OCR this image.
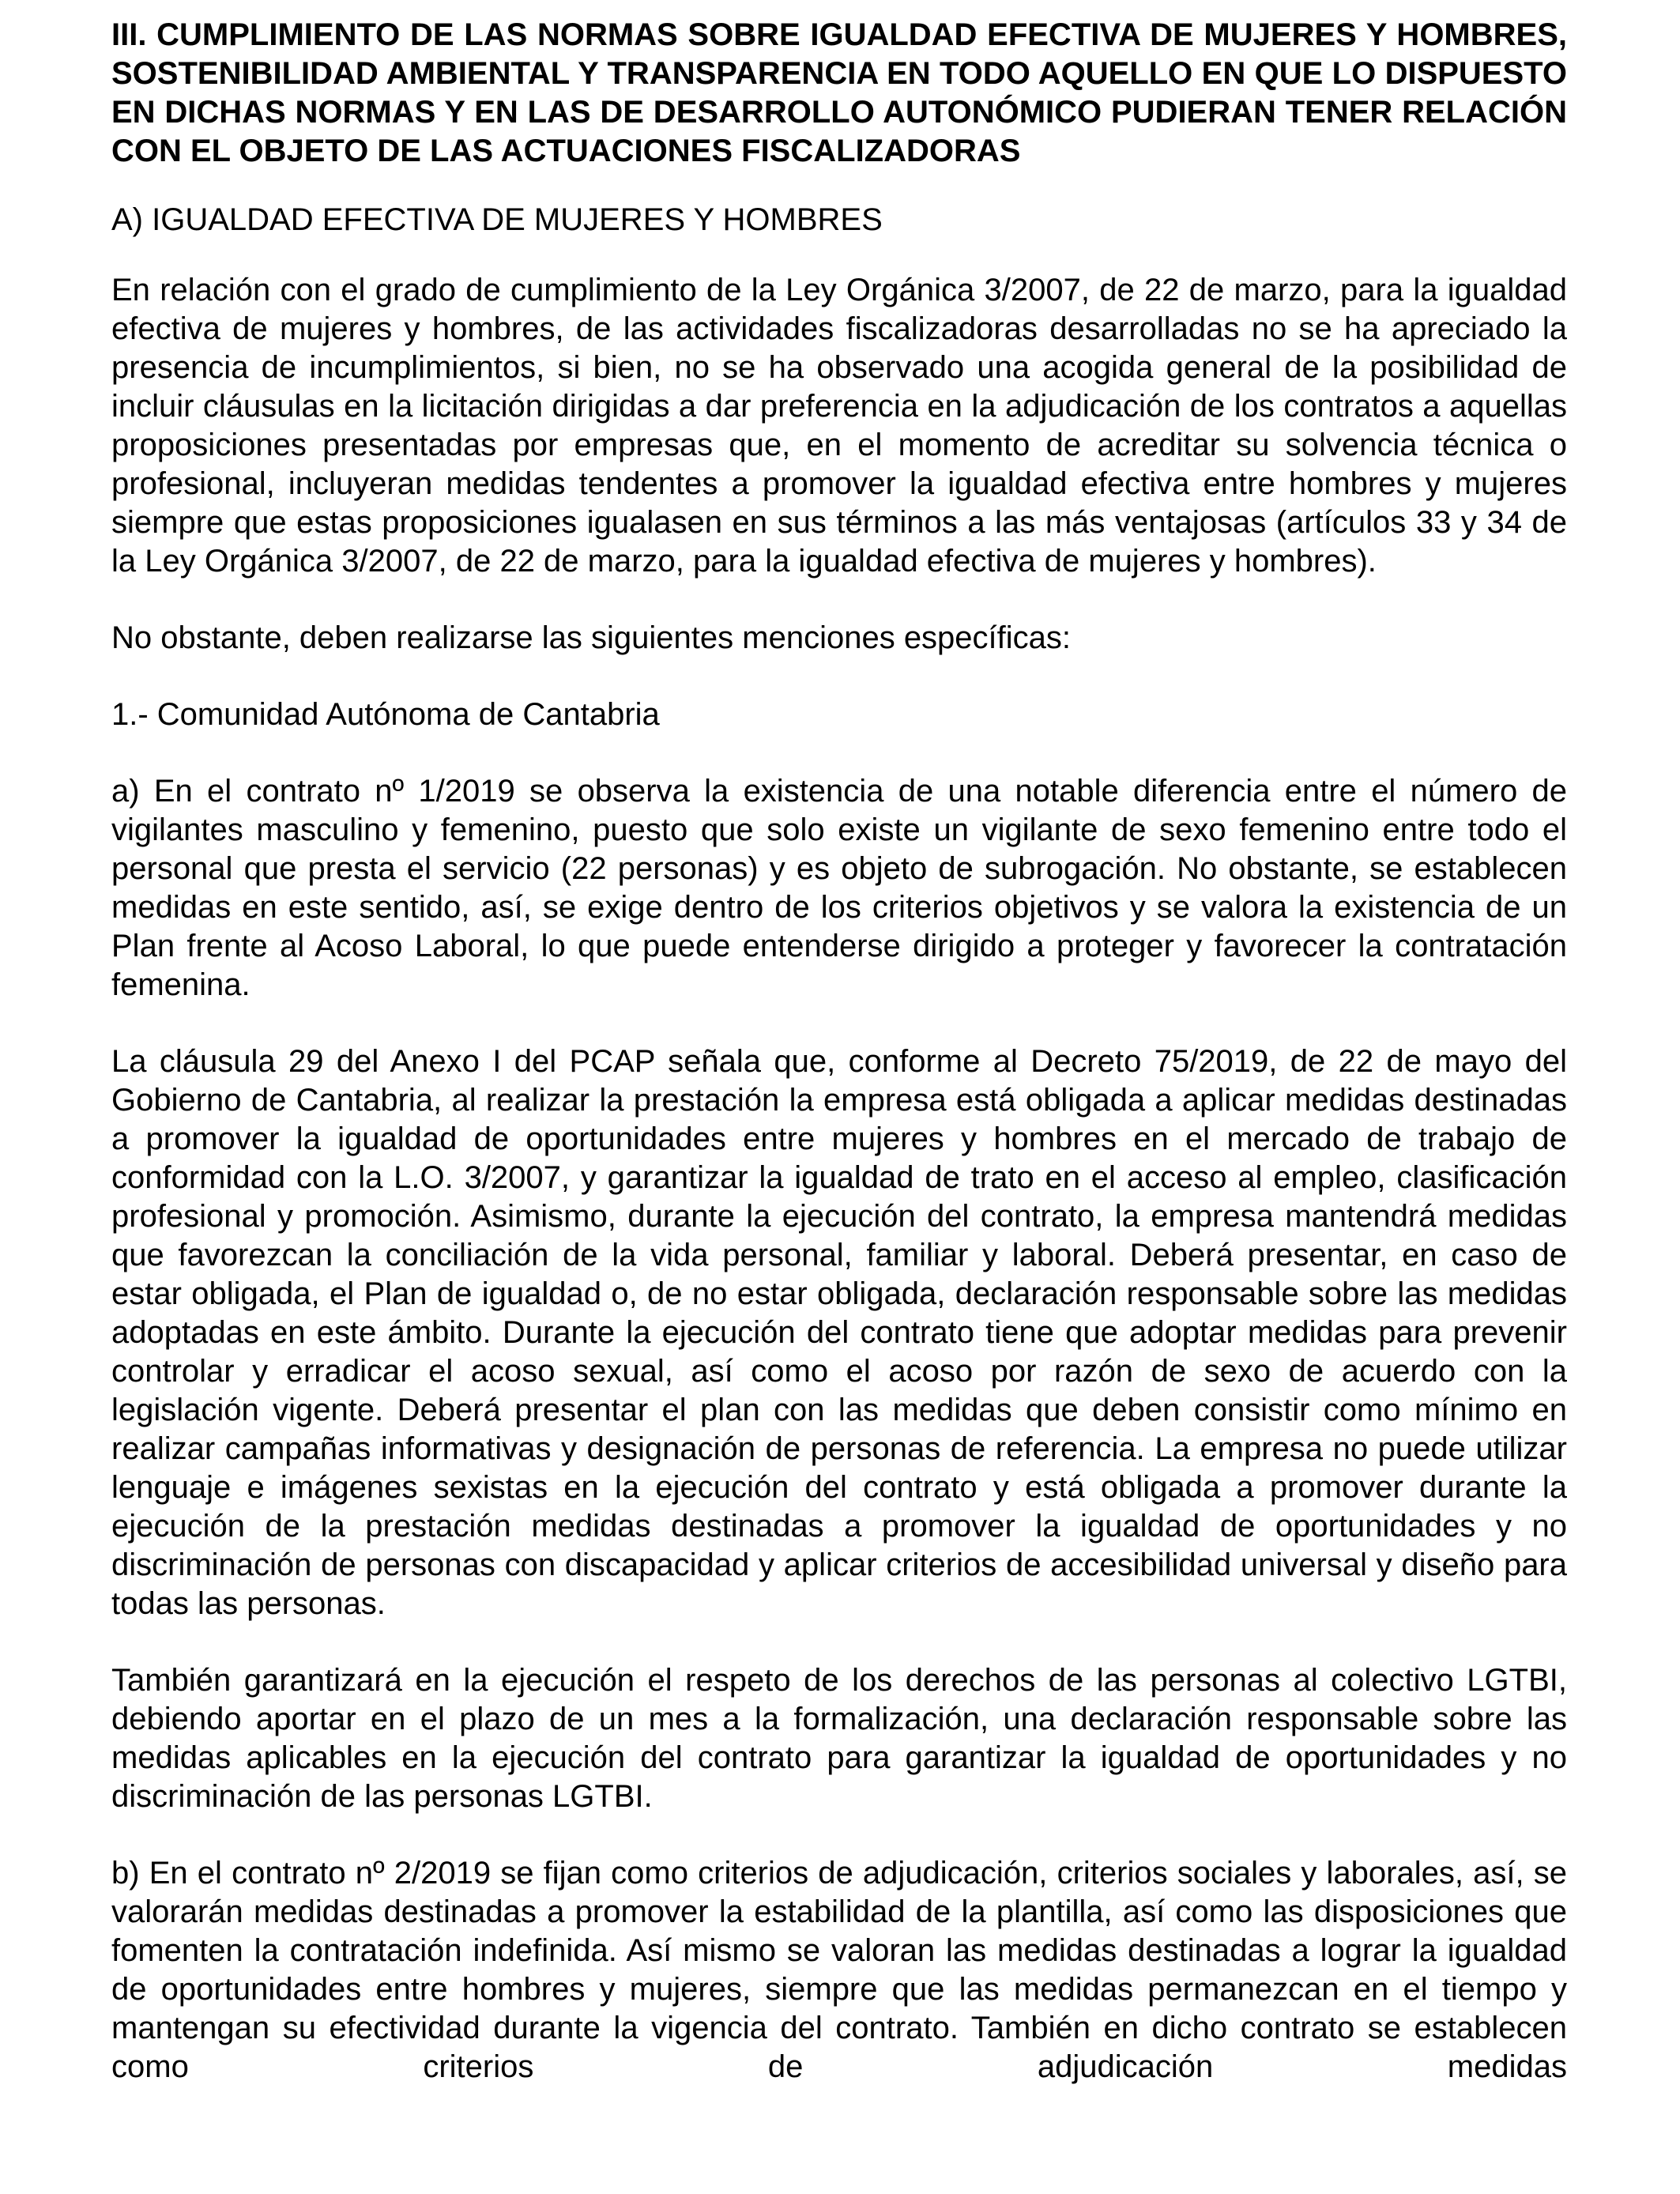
III. CUMPLIMIENTO DE LAS NORMAS SOBRE IGUALDAD EFECTIVA DE MUJERES Y HOMBRES, SOSTENIBILIDAD AMBIENTAL Y TRANSPARENCIA EN TODO AQUELLO EN QUE LO DISPUESTO EN DICHAS NORMAS Y EN LAS DE DESARROLLO AUTONÓMICO PUDIERAN TENER RELACIÓN CON EL OBJETO DE LAS ACTUACIONES FISCALIZADORAS

A) IGUALDAD EFECTIVA DE MUJERES Y HOMBRES

En relación con el grado de cumplimiento de la Ley Orgánica 3/2007, de 22 de marzo, para la igualdad efectiva de mujeres y hombres, de las actividades fiscalizadoras desarrolladas no se ha apreciado la presencia de incumplimientos, si bien, no se ha observado una acogida general de la posibilidad de incluir cláusulas en la licitación dirigidas a dar preferencia en la adjudicación de los contratos a aquellas proposiciones presentadas por empresas que, en el momento de acreditar su solvencia técnica o profesional, incluyeran medidas tendentes a promover la igualdad efectiva entre hombres y mujeres siempre que estas proposiciones igualasen en sus términos a las más ventajosas (artículos 33 y 34 de la Ley Orgánica 3/2007, de 22 de marzo, para la igualdad efectiva de mujeres y hombres).

No obstante, deben realizarse las siguientes menciones específicas:

1.- Comunidad Autónoma de Cantabria

a) En el contrato nº 1/2019 se observa la existencia de una notable diferencia entre el número de vigilantes masculino y femenino, puesto que solo existe un vigilante de sexo femenino entre todo el personal que presta el servicio (22 personas) y es objeto de subrogación. No obstante, se establecen medidas en este sentido, así, se exige dentro de los criterios objetivos y se valora la existencia de un Plan frente al Acoso Laboral, lo que puede entenderse dirigido a proteger y favorecer la contratación femenina.

La cláusula 29 del Anexo I del PCAP señala que, conforme al Decreto 75/2019, de 22 de mayo del Gobierno de Cantabria, al realizar la prestación la empresa está obligada a aplicar medidas destinadas a promover la igualdad de oportunidades entre mujeres y hombres en el mercado de trabajo de conformidad con la L.O. 3/2007, y garantizar la igualdad de trato en el acceso al empleo, clasificación profesional y promoción. Asimismo, durante la ejecución del contrato, la empresa mantendrá medidas que favorezcan la conciliación de la vida personal, familiar y laboral. Deberá presentar, en caso de estar obligada, el Plan de igualdad o, de no estar obligada, declaración responsable sobre las medidas adoptadas en este ámbito. Durante la ejecución del contrato tiene que adoptar medidas para prevenir controlar y erradicar el acoso sexual, así como el acoso por razón de sexo de acuerdo con la legislación vigente. Deberá presentar el plan con las medidas que deben consistir como mínimo en realizar campañas informativas y designación de personas de referencia. La empresa no puede utilizar lenguaje e imágenes sexistas en la ejecución del contrato y está obligada a promover durante la ejecución de la prestación medidas destinadas a promover la igualdad de oportunidades y no discriminación de personas con discapacidad y aplicar criterios de accesibilidad universal y diseño para todas las personas.

También garantizará en la ejecución el respeto de los derechos de las personas al colectivo LGTBI, debiendo aportar en el plazo de un mes a la formalización, una declaración responsable sobre las medidas aplicables en la ejecución del contrato para garantizar la igualdad de oportunidades y no discriminación de las personas LGTBI.

b) En el contrato nº 2/2019 se fijan como criterios de adjudicación, criterios sociales y laborales, así, se valorarán medidas destinadas a promover la estabilidad de la plantilla, así como las disposiciones que fomenten la contratación indefinida. Así mismo se valoran las medidas destinadas a lograr la igualdad de oportunidades entre hombres y mujeres, siempre que las medidas permanezcan en el tiempo y mantengan su efectividad durante la vigencia del contrato. También en dicho contrato se establecen como criterios de adjudicación medidas
